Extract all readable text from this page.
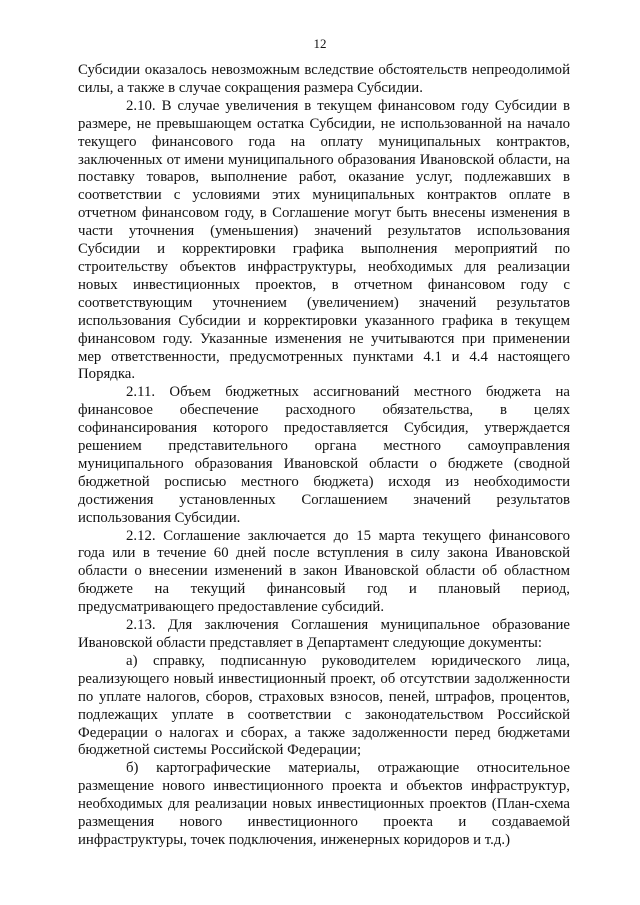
12

Субсидии оказалось невозможным вследствие обстоятельств непреодолимой силы, а также в случае сокращения размера Субсидии.

2.10. В случае увеличения в текущем финансовом году Субсидии в размере, не превышающем остатка Субсидии, не использованной на начало текущего финансового года на оплату муниципальных контрактов, заключенных от имени муниципального образования Ивановской области, на поставку товаров, выполнение работ, оказание услуг, подлежавших в соответствии с условиями этих муниципальных контрактов оплате в отчетном финансовом году, в Соглашение могут быть внесены изменения в части уточнения (уменьшения) значений результатов использования Субсидии и корректировки графика выполнения мероприятий по строительству объектов инфраструктуры, необходимых для реализации новых инвестиционных проектов, в отчетном финансовом году с соответствующим уточнением (увеличением) значений результатов использования Субсидии и корректировки указанного графика в текущем финансовом году. Указанные изменения не учитываются при применении мер ответственности, предусмотренных пунктами 4.1 и 4.4 настоящего Порядка.

2.11. Объем бюджетных ассигнований местного бюджета на финансовое обеспечение расходного обязательства, в целях софинансирования которого предоставляется Субсидия, утверждается решением представительного органа местного самоуправления муниципального образования Ивановской области о бюджете (сводной бюджетной росписью местного бюджета) исходя из необходимости достижения установленных Соглашением значений результатов использования Субсидии.

2.12. Соглашение заключается до 15 марта текущего финансового года или в течение 60 дней после вступления в силу закона Ивановской области о внесении изменений в закон Ивановской области об областном бюджете на текущий финансовый год и плановый период, предусматривающего предоставление субсидий.

2.13. Для заключения Соглашения муниципальное образование Ивановской области представляет в Департамент следующие документы:

а) справку, подписанную руководителем юридического лица, реализующего новый инвестиционный проект, об отсутствии задолженности по уплате налогов, сборов, страховых взносов, пеней, штрафов, процентов, подлежащих уплате в соответствии с законодательством Российской Федерации о налогах и сборах, а также задолженности перед бюджетами бюджетной системы Российской Федерации;

б) картографические материалы, отражающие относительное размещение нового инвестиционного проекта и объектов инфраструктур, необходимых для реализации новых инвестиционных проектов (План-схема размещения нового инвестиционного проекта и создаваемой инфраструктуры, точек подключения, инженерных коридоров и т.д.)
